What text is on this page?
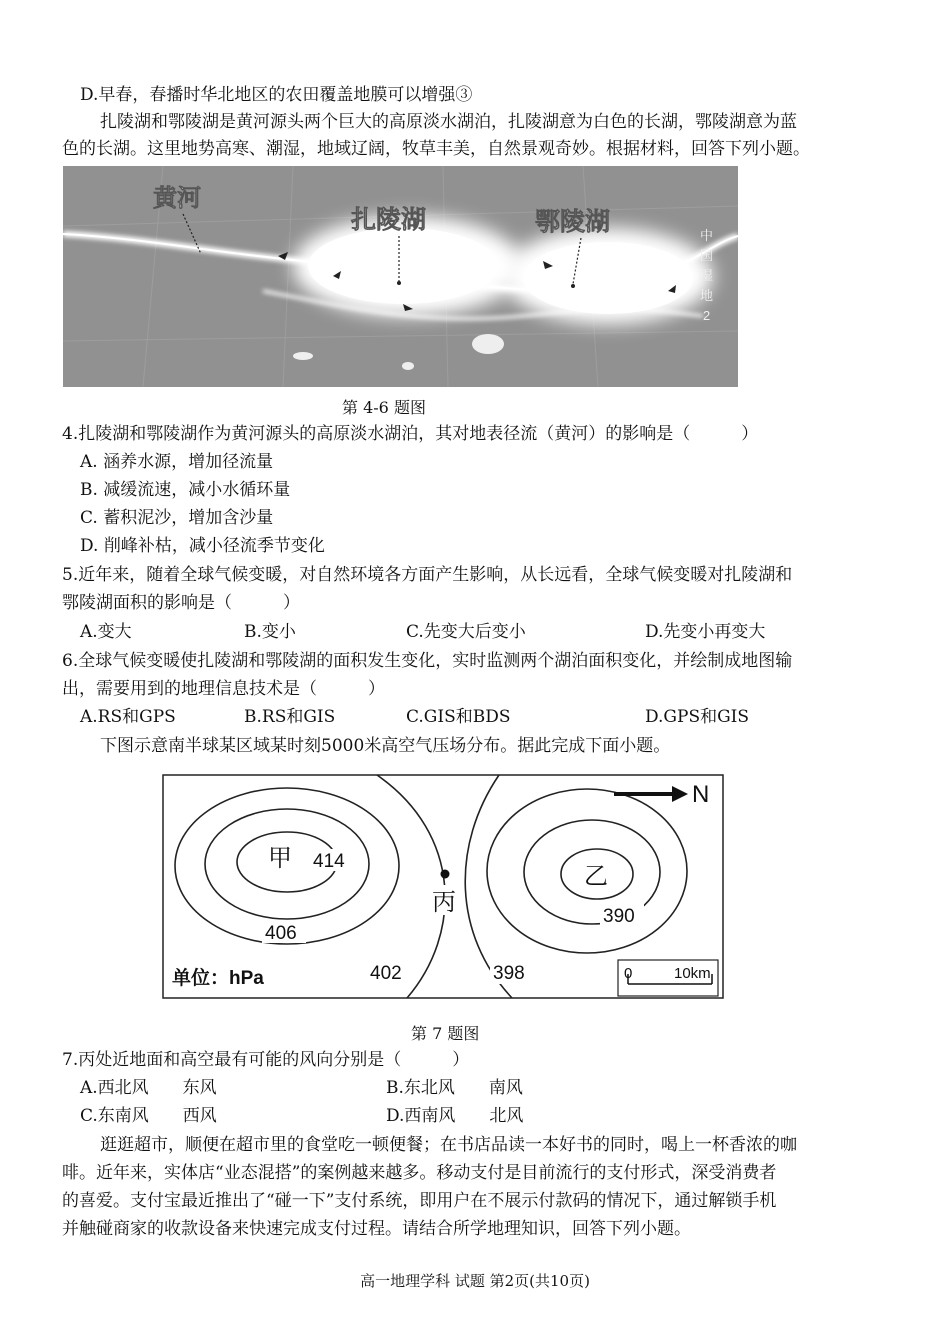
D.早春，春播时华北地区的农田覆盖地膜可以增强③
扎陵湖和鄂陵湖是黄河源头两个巨大的高原淡水湖泊，扎陵湖意为白色的长湖，鄂陵湖意为蓝
色的长湖。这里地势高寒、潮湿，地域辽阔，牧草丰美，自然景观奇妙。根据材料，回答下列小题。
黄河
扎陵湖	鄂陵湖	中
国
湿
地
2
第 4-6 题图
4.扎陵湖和鄂陵湖作为黄河源头的高原淡水湖泊，其对地表径流（黄河）的影响是（　　　）
A. 涵养水源，增加径流量
B. 减缓流速，减小水循环量
C. 蓄积泥沙，增加含沙量
D. 削峰补枯，减小径流季节变化
5.近年来，随着全球气候变暖，对自然环境各方面产生影响，从长远看，全球气候变暖对扎陵湖和
鄂陵湖面积的影响是（　　　）
A.变大	B.变小	C.先变大后变小	D.先变小再变大
6.全球气候变暖使扎陵湖和鄂陵湖的面积发生变化，实时监测两个湖泊面积变化，并绘制成地图输
出，需要用到的地理信息技术是（　　　）
A.RS和GPS	B.RS和GIS	C.GIS和BDS	D.GPS和GIS
下图示意南半球某区域某时刻5000米高空气压场分布。据此完成下面小题。
甲 414
406
402	398
390
乙
丙
N
单位：hPa	0	10km
第 7 题图
7.丙处近地面和高空最有可能的风向分别是（　　　）
A.西北风　　东风	B.东北风　　南风
C.东南风　　西风	D.西南风　　北风
逛逛超市，顺便在超市里的食堂吃一顿便餐；在书店品读一本好书的同时，喝上一杯香浓的咖
啡。近年来，实体店“业态混搭”的案例越来越多。移动支付是目前流行的支付形式，深受消费者
的喜爱。支付宝最近推出了“碰一下”支付系统，即用户在不展示付款码的情况下，通过解锁手机
并触碰商家的收款设备来快速完成支付过程。请结合所学地理知识，回答下列小题。
高一地理学科 试题 第2页(共10页)
